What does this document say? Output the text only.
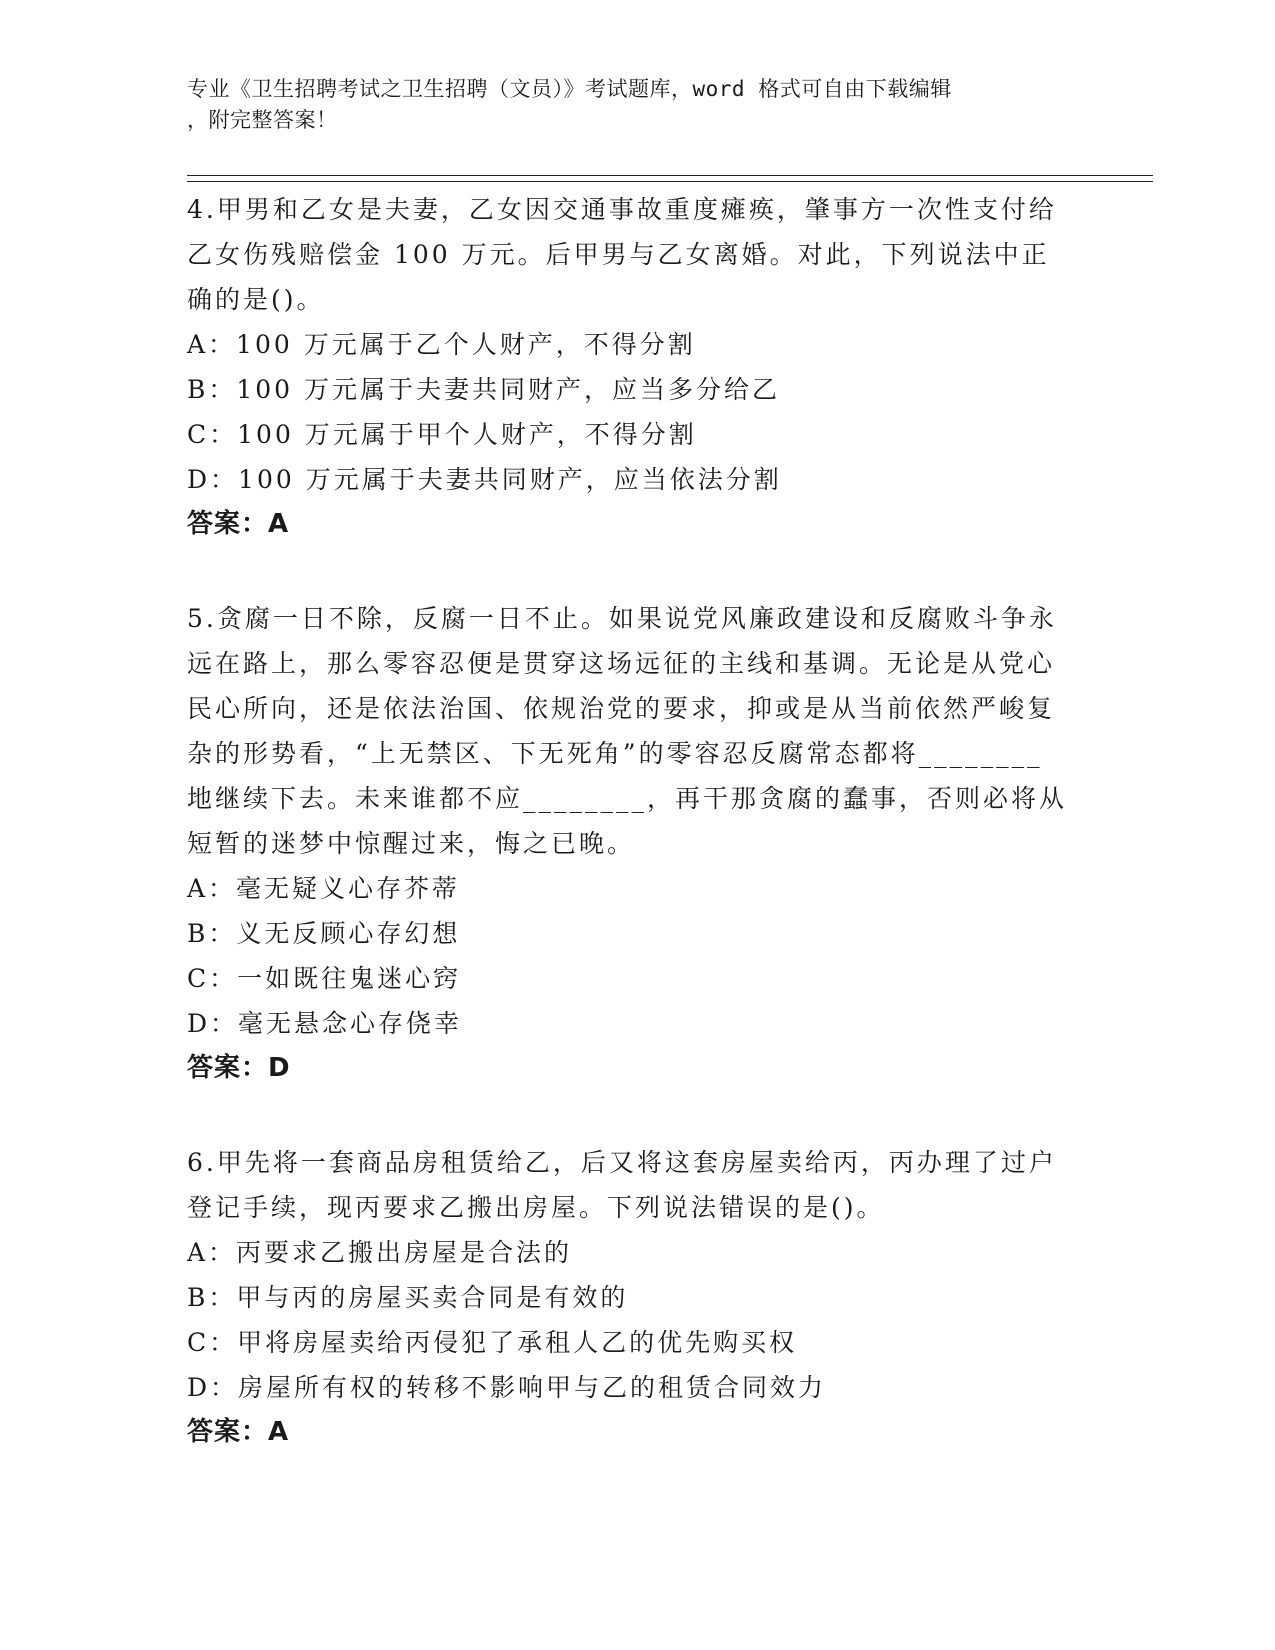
专业《卫生招聘考试之卫生招聘（文员）》考试题库，word 格式可自由下载编辑
，附完整答案！

4.甲男和乙女是夫妻，乙女因交通事故重度瘫痪，肇事方一次性支付给乙女伤残赔偿金 100 万元。后甲男与乙女离婚。对此，下列说法中正确的是()。

A：100 万元属于乙个人财产，不得分割

B：100 万元属于夫妻共同财产，应当多分给乙

C：100 万元属于甲个人财产，不得分割

D：100 万元属于夫妻共同财产，应当依法分割

答案：A

5.贪腐一日不除，反腐一日不止。如果说党风廉政建设和反腐败斗争永远在路上，那么零容忍便是贯穿这场远征的主线和基调。无论是从党心民心所向，还是依法治国、依规治党的要求，抑或是从当前依然严峻复杂的形势看，“上无禁区、下无死角”的零容忍反腐常态都将________地继续下去。未来谁都不应________，再干那贪腐的蠢事，否则必将从短暂的迷梦中惊醒过来，悔之已晚。

A：毫无疑义心存芥蒂

B：义无反顾心存幻想

C：一如既往鬼迷心窍

D：毫无悬念心存侥幸

答案：D

6.甲先将一套商品房租赁给乙，后又将这套房屋卖给丙，丙办理了过户登记手续，现丙要求乙搬出房屋。下列说法错误的是()。

A：丙要求乙搬出房屋是合法的

B：甲与丙的房屋买卖合同是有效的

C：甲将房屋卖给丙侵犯了承租人乙的优先购买权

D：房屋所有权的转移不影响甲与乙的租赁合同效力

答案：A
